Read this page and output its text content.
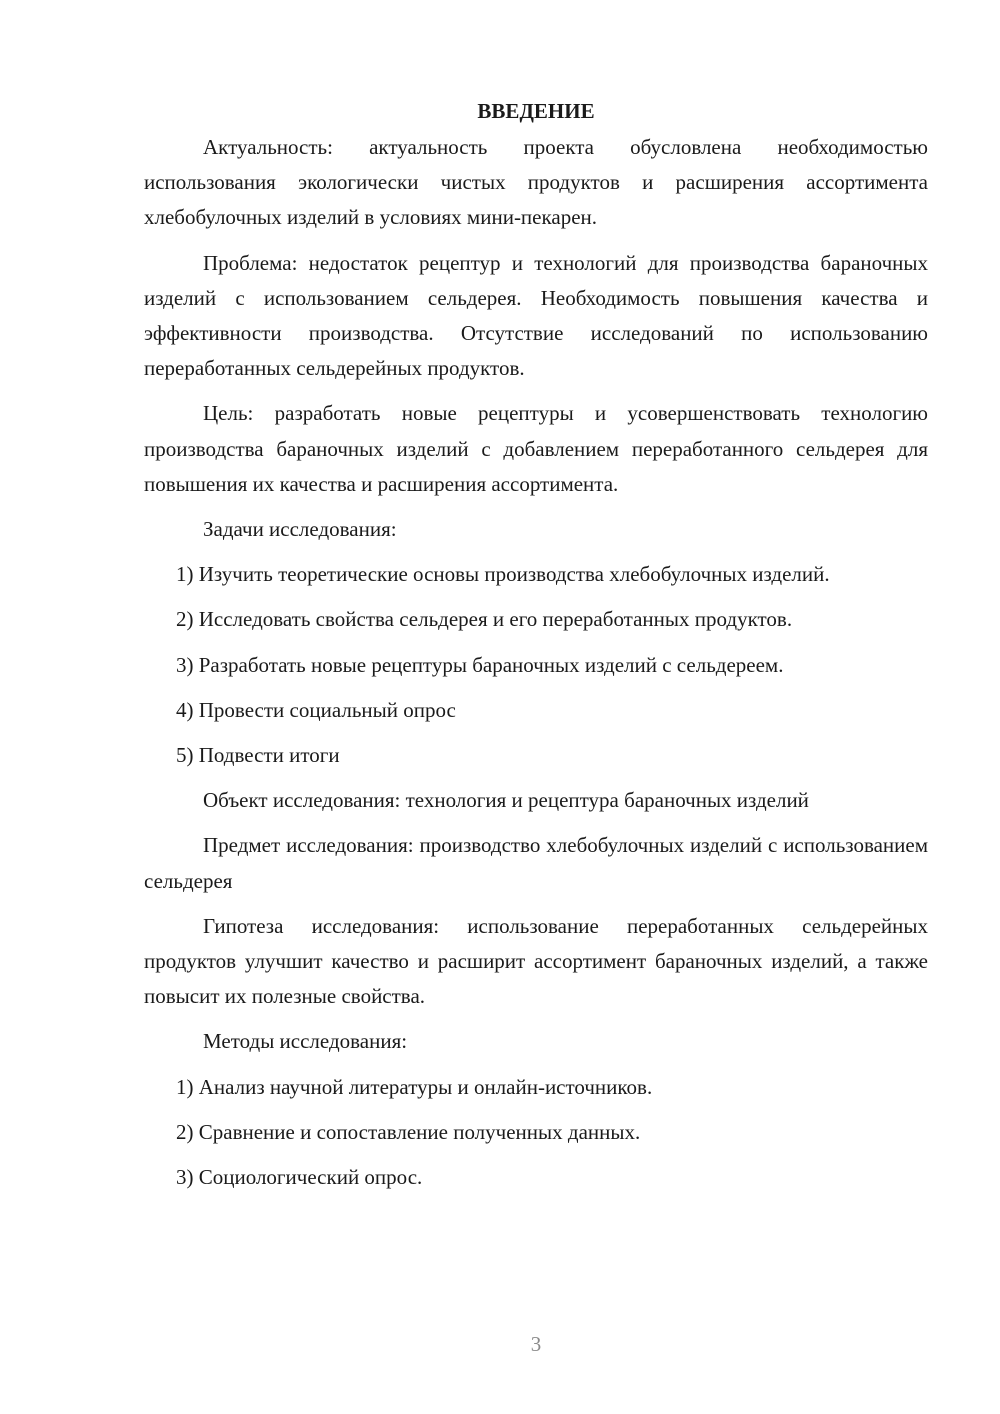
ВВЕДЕНИЕ

Актуальность: актуальность проекта обусловлена необходимостью использования экологически чистых продуктов и расширения ассортимента хлебобулочных изделий в условиях мини-пекарен.

Проблема: недостаток рецептур и технологий для производства бараночных изделий с использованием сельдерея. Необходимость повышения качества и эффективности производства. Отсутствие исследований по использованию переработанных сельдерейных продуктов.

Цель: разработать новые рецептуры и усовершенствовать технологию производства бараночных изделий с добавлением переработанного сельдерея для повышения их качества и расширения ассортимента.

Задачи исследования:

1) Изучить теоретические основы производства хлебобулочных изделий.

2) Исследовать свойства сельдерея и его переработанных продуктов.

3) Разработать новые рецептуры бараночных изделий с сельдереем.

4) Провести социальный опрос

5) Подвести итоги

Объект исследования: технология и рецептура бараночных изделий

Предмет исследования: производство хлебобулочных изделий с использованием сельдерея

Гипотеза исследования: использование переработанных сельдерейных продуктов улучшит качество и расширит ассортимент бараночных изделий, а также повысит их полезные свойства.

Методы исследования:

1) Анализ научной литературы и онлайн-источников.

2) Сравнение и сопоставление полученных данных.

3) Социологический опрос.

3
